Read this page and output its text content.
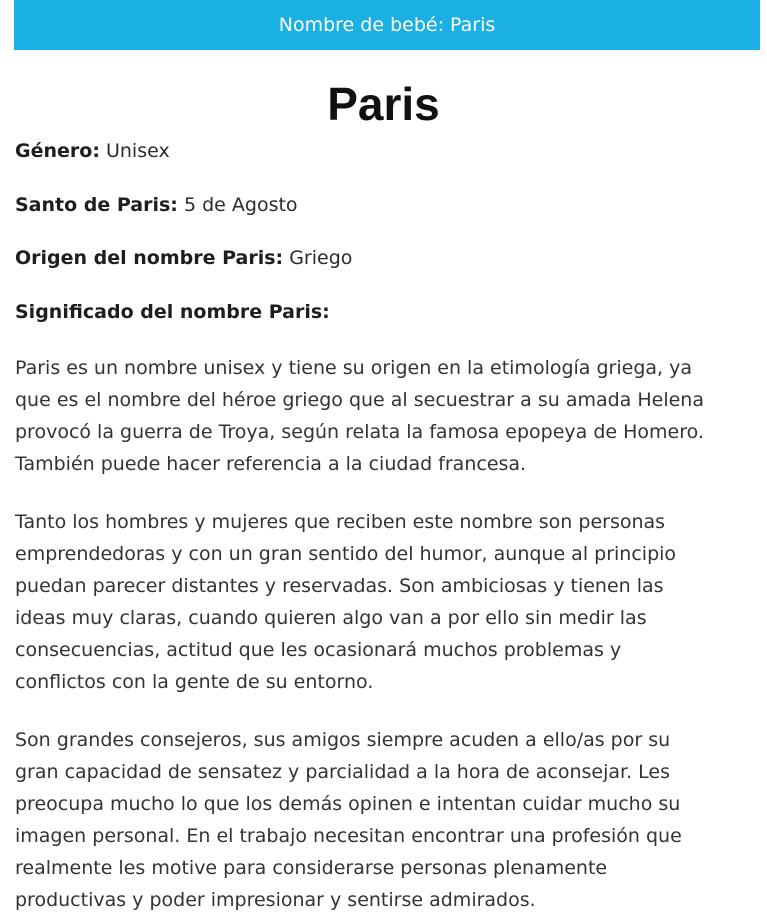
Nombre de bebé: Paris
Paris

Género: Unisex

Santo de Paris: 5 de Agosto

Origen del nombre Paris: Griego

Significado del nombre Paris:

Paris es un nombre unisex y tiene su origen en la etimología griega, ya
que es el nombre del héroe griego que al secuestrar a su amada Helena
provocó la guerra de Troya, según relata la famosa epopeya de Homero.
También puede hacer referencia a la ciudad francesa.

Tanto los hombres y mujeres que reciben este nombre son personas
emprendedoras y con un gran sentido del humor, aunque al principio
puedan parecer distantes y reservadas. Son ambiciosas y tienen las
ideas muy claras, cuando quieren algo van a por ello sin medir las
consecuencias, actitud que les ocasionará muchos problemas y
conflictos con la gente de su entorno.

Son grandes consejeros, sus amigos siempre acuden a ello/as por su
gran capacidad de sensatez y parcialidad a la hora de aconsejar. Les
preocupa mucho lo que los demás opinen e intentan cuidar mucho su
imagen personal. En el trabajo necesitan encontrar una profesión que
realmente les motive para considerarse personas plenamente
productivas y poder impresionar y sentirse admirados.
